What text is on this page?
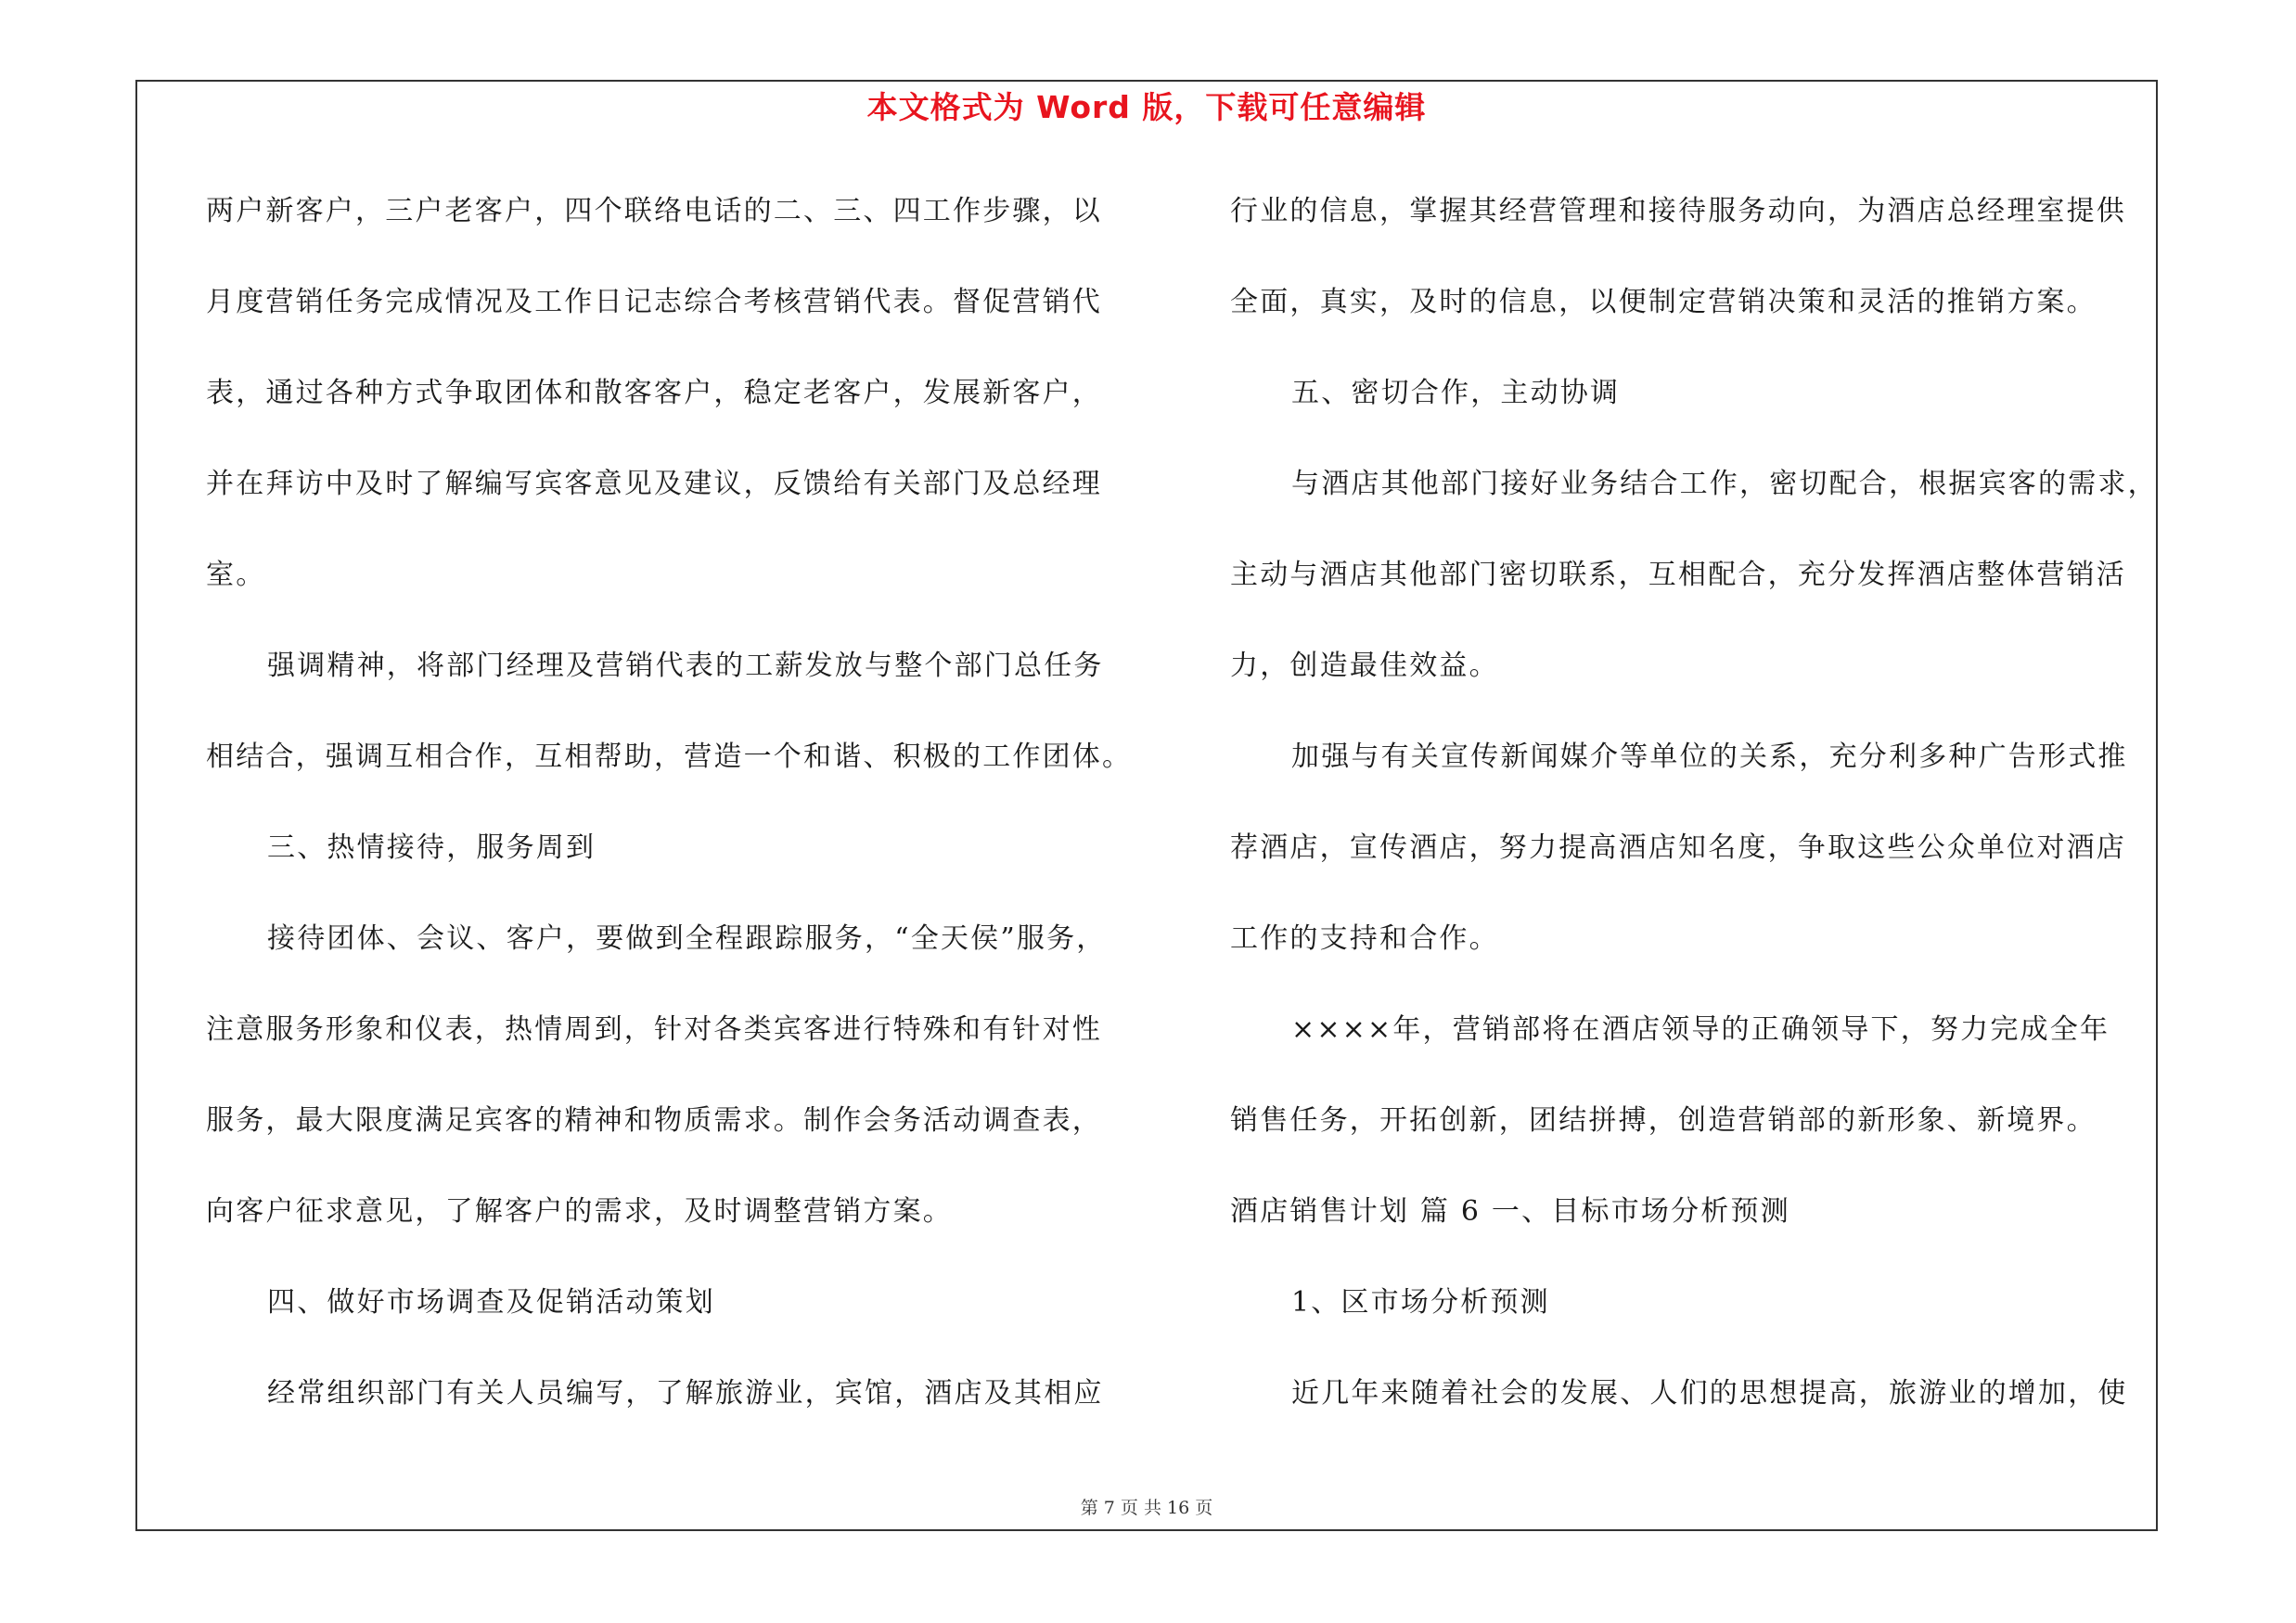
本文格式为 Word 版，下载可任意编辑
两户新客户，三户老客户，四个联络电话的二、三、四工作步骤，以
月度营销任务完成情况及工作日记志综合考核营销代表。督促营销代
表，通过各种方式争取团体和散客客户，稳定老客户，发展新客户，
并在拜访中及时了解编写宾客意见及建议，反馈给有关部门及总经理
室。
强调精神，将部门经理及营销代表的工薪发放与整个部门总任务
相结合，强调互相合作，互相帮助，营造一个和谐、积极的工作团体。
三、热情接待，服务周到
接待团体、会议、客户，要做到全程跟踪服务，“全天侯”服务，
注意服务形象和仪表，热情周到，针对各类宾客进行特殊和有针对性
服务，最大限度满足宾客的精神和物质需求。制作会务活动调查表，
向客户征求意见，了解客户的需求，及时调整营销方案。
四、做好市场调查及促销活动策划
经常组织部门有关人员编写，了解旅游业，宾馆，酒店及其相应
行业的信息，掌握其经营管理和接待服务动向，为酒店总经理室提供
全面，真实，及时的信息，以便制定营销决策和灵活的推销方案。
五、密切合作，主动协调
与酒店其他部门接好业务结合工作，密切配合，根据宾客的需求，
主动与酒店其他部门密切联系，互相配合，充分发挥酒店整体营销活
力，创造最佳效益。
加强与有关宣传新闻媒介等单位的关系，充分利多种广告形式推
荐酒店，宣传酒店，努力提高酒店知名度，争取这些公众单位对酒店
工作的支持和合作。
××××年，营销部将在酒店领导的正确领导下，努力完成全年
销售任务，开拓创新，团结拼搏，创造营销部的新形象、新境界。
酒店销售计划 篇 6 一、目标市场分析预测
1、区市场分析预测
近几年来随着社会的发展、人们的思想提高，旅游业的增加，使
第 7 页 共 16 页
